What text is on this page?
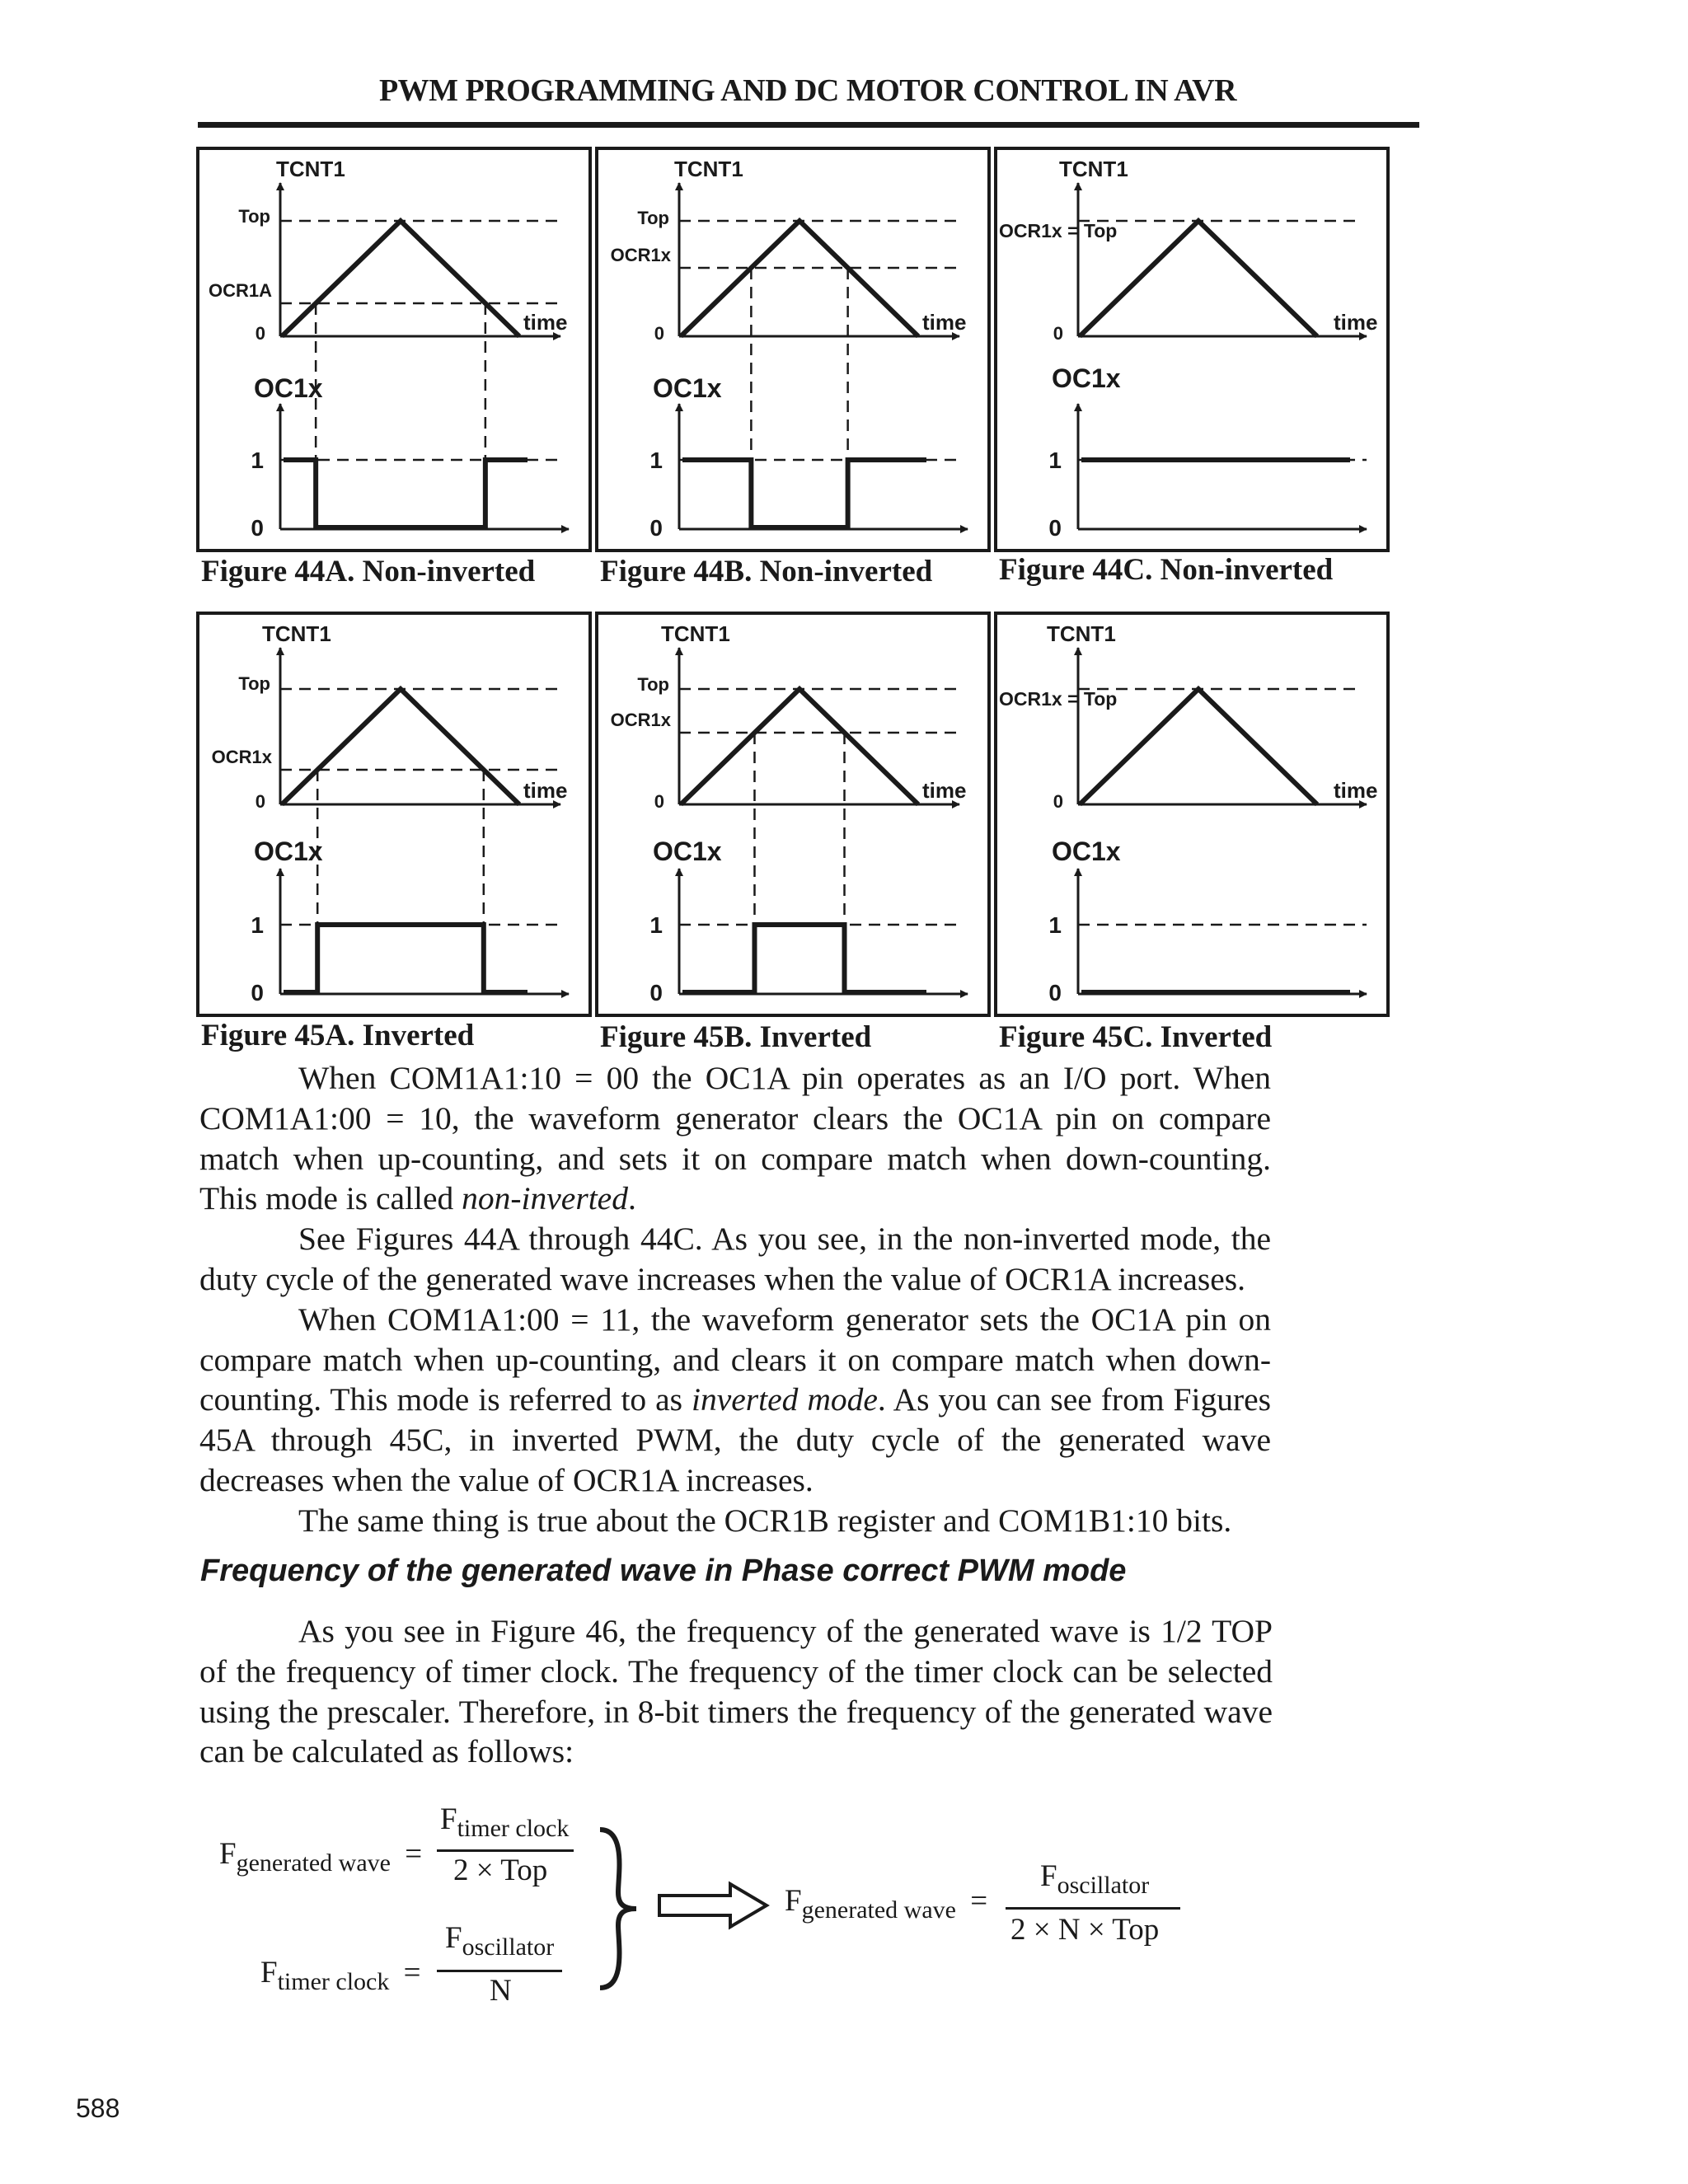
PWM PROGRAMMING AND DC MOTOR CONTROL IN AVR
TCNT1
time
0
Top
OCR1A
OC1x
0
1
TCNT1
time
0
Top
OCR1x
OC1x
0
1
TCNT1
time
0
OCR1x = Top
OC1x
0
1
TCNT1
time
0
Top
OCR1x
OC1x
0
1
TCNT1
time
0
Top
OCR1x
OC1x
0
1
TCNT1
time
0
OCR1x = Top
OC1x
0
1
Figure 44A. Non-inverted Figure 44B. Non-inverted Figure 44C. Non-inverted
Figure 45A. Inverted	Figure 45B. Inverted	Figure 45C. Inverted

When COM1A1:10 = 00 the OC1A pin operates as an I/O port. When COM1A1:00 = 10, the waveform generator clears the OC1A pin on compare match when up-counting, and sets it on compare match when down-counting. This mode is called non-inverted.

See Figures 44A through 44C. As you see, in the non-inverted mode, the duty cycle of the generated wave increases when the value of OCR1A increases.

When COM1A1:00 = 11, the waveform generator sets the OC1A pin on compare match when up-counting, and clears it on compare match when down-counting. This mode is referred to as inverted mode. As you can see from Figures 45A through 45C, in inverted PWM, the duty cycle of the generated wave decreases when the value of OCR1A increases.

The same thing is true about the OCR1B register and COM1B1:10 bits.

Frequency of the generated wave in Phase correct PWM mode

As you see in Figure 46, the frequency of the generated wave is 1/2 TOP of the frequency of timer clock. The frequency of the timer clock can be selected using the prescaler. Therefore, in 8-bit timers the frequency of the generated wave can be calculated as follows:

$F_{generated wave}$ =
$F_{timer clock}$
2 × Top
$F_{timer clock}$ =
$F_{oscillator}$
N
$F_{generated wave}$ =
$F_{oscillator}$
2 × N × Top
588
